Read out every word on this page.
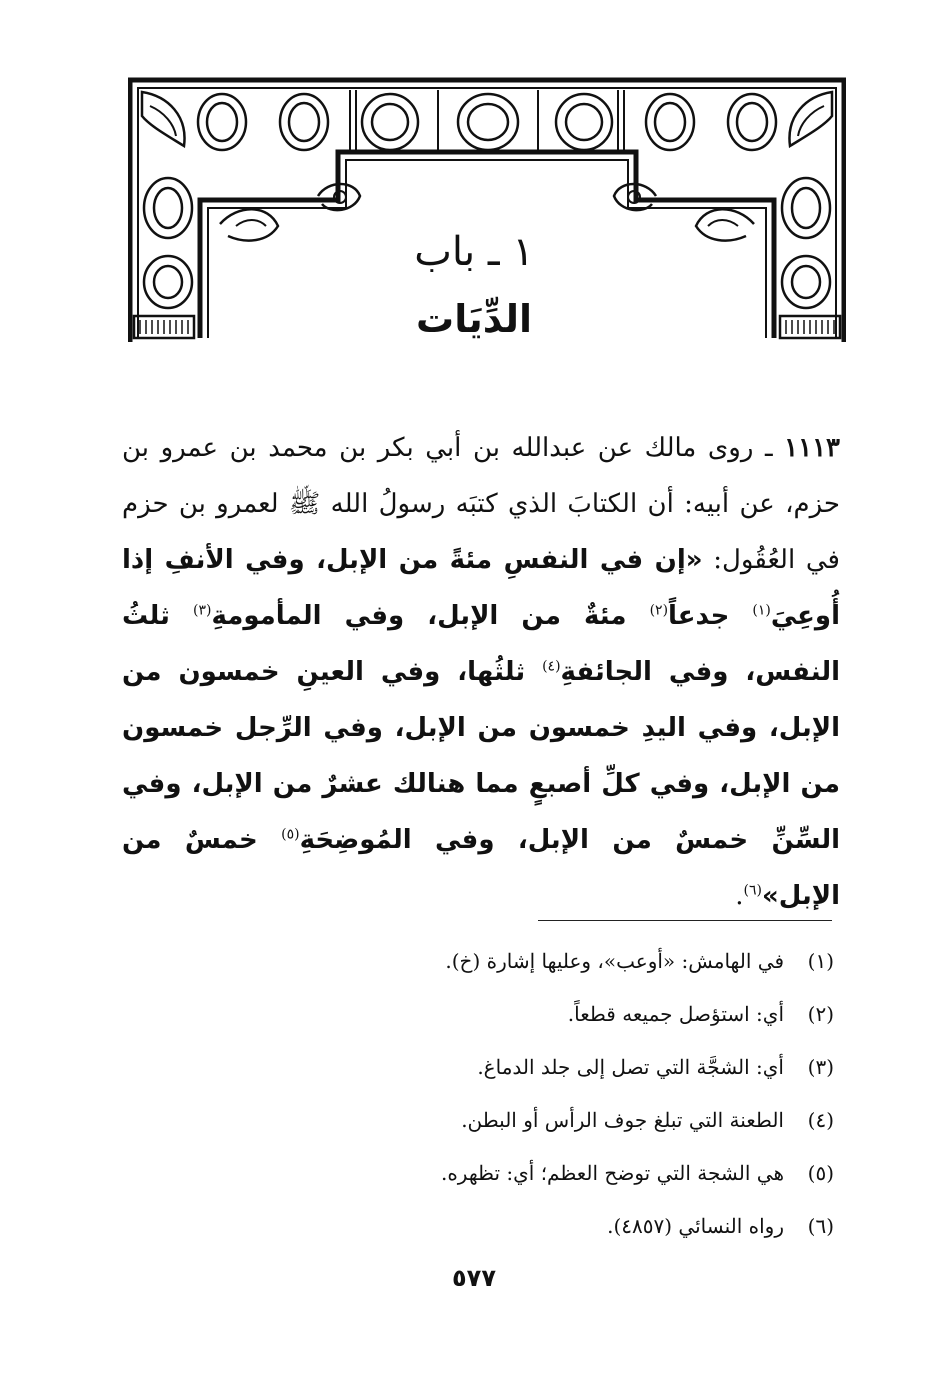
١ ـ باب
الدِّيَات
١١١٣ ـ روى مالك عن عبدالله بن أبي بكر بن محمد بن عمرو بن حزم، عن أبيه: أن الكتابَ الذي كتبَه رسولُ الله ﷺ لعمرو بن حزم في العُقُول: «إن في النفسِ مئةً من الإبل، وفي الأنفِ إذا أُوعِيَ$^{(١)}$ جدعاً$^{(٢)}$ مئةٌ من الإبل، وفي المأمومةِ$^{(٣)}$ ثلثُ النفس، وفي الجائفةِ$^{(٤)}$ ثلثُها، وفي العينِ خمسون من الإبل، وفي اليدِ خمسون من الإبل، وفي الرِّجل خمسون من الإبل، وفي كلِّ أصبعٍ مما هنالك عشرٌ من الإبل، وفي السِّنِّ خمسٌ من الإبل، وفي المُوضِحَةِ$^{(٥)}$ خمسٌ من الإبل»$^{(٦)}$.
(١)في الهامش: «أوعب»، وعليها إشارة (خ).
(٢)أي: استؤصل جميعه قطعاً.
(٣)أي: الشجَّة التي تصل إلى جلد الدماغ.
(٤)الطعنة التي تبلغ جوف الرأس أو البطن.
(٥)هي الشجة التي توضح العظم؛ أي: تظهره.
(٦)رواه النسائي (٤٨٥٧).
٥٧٧
